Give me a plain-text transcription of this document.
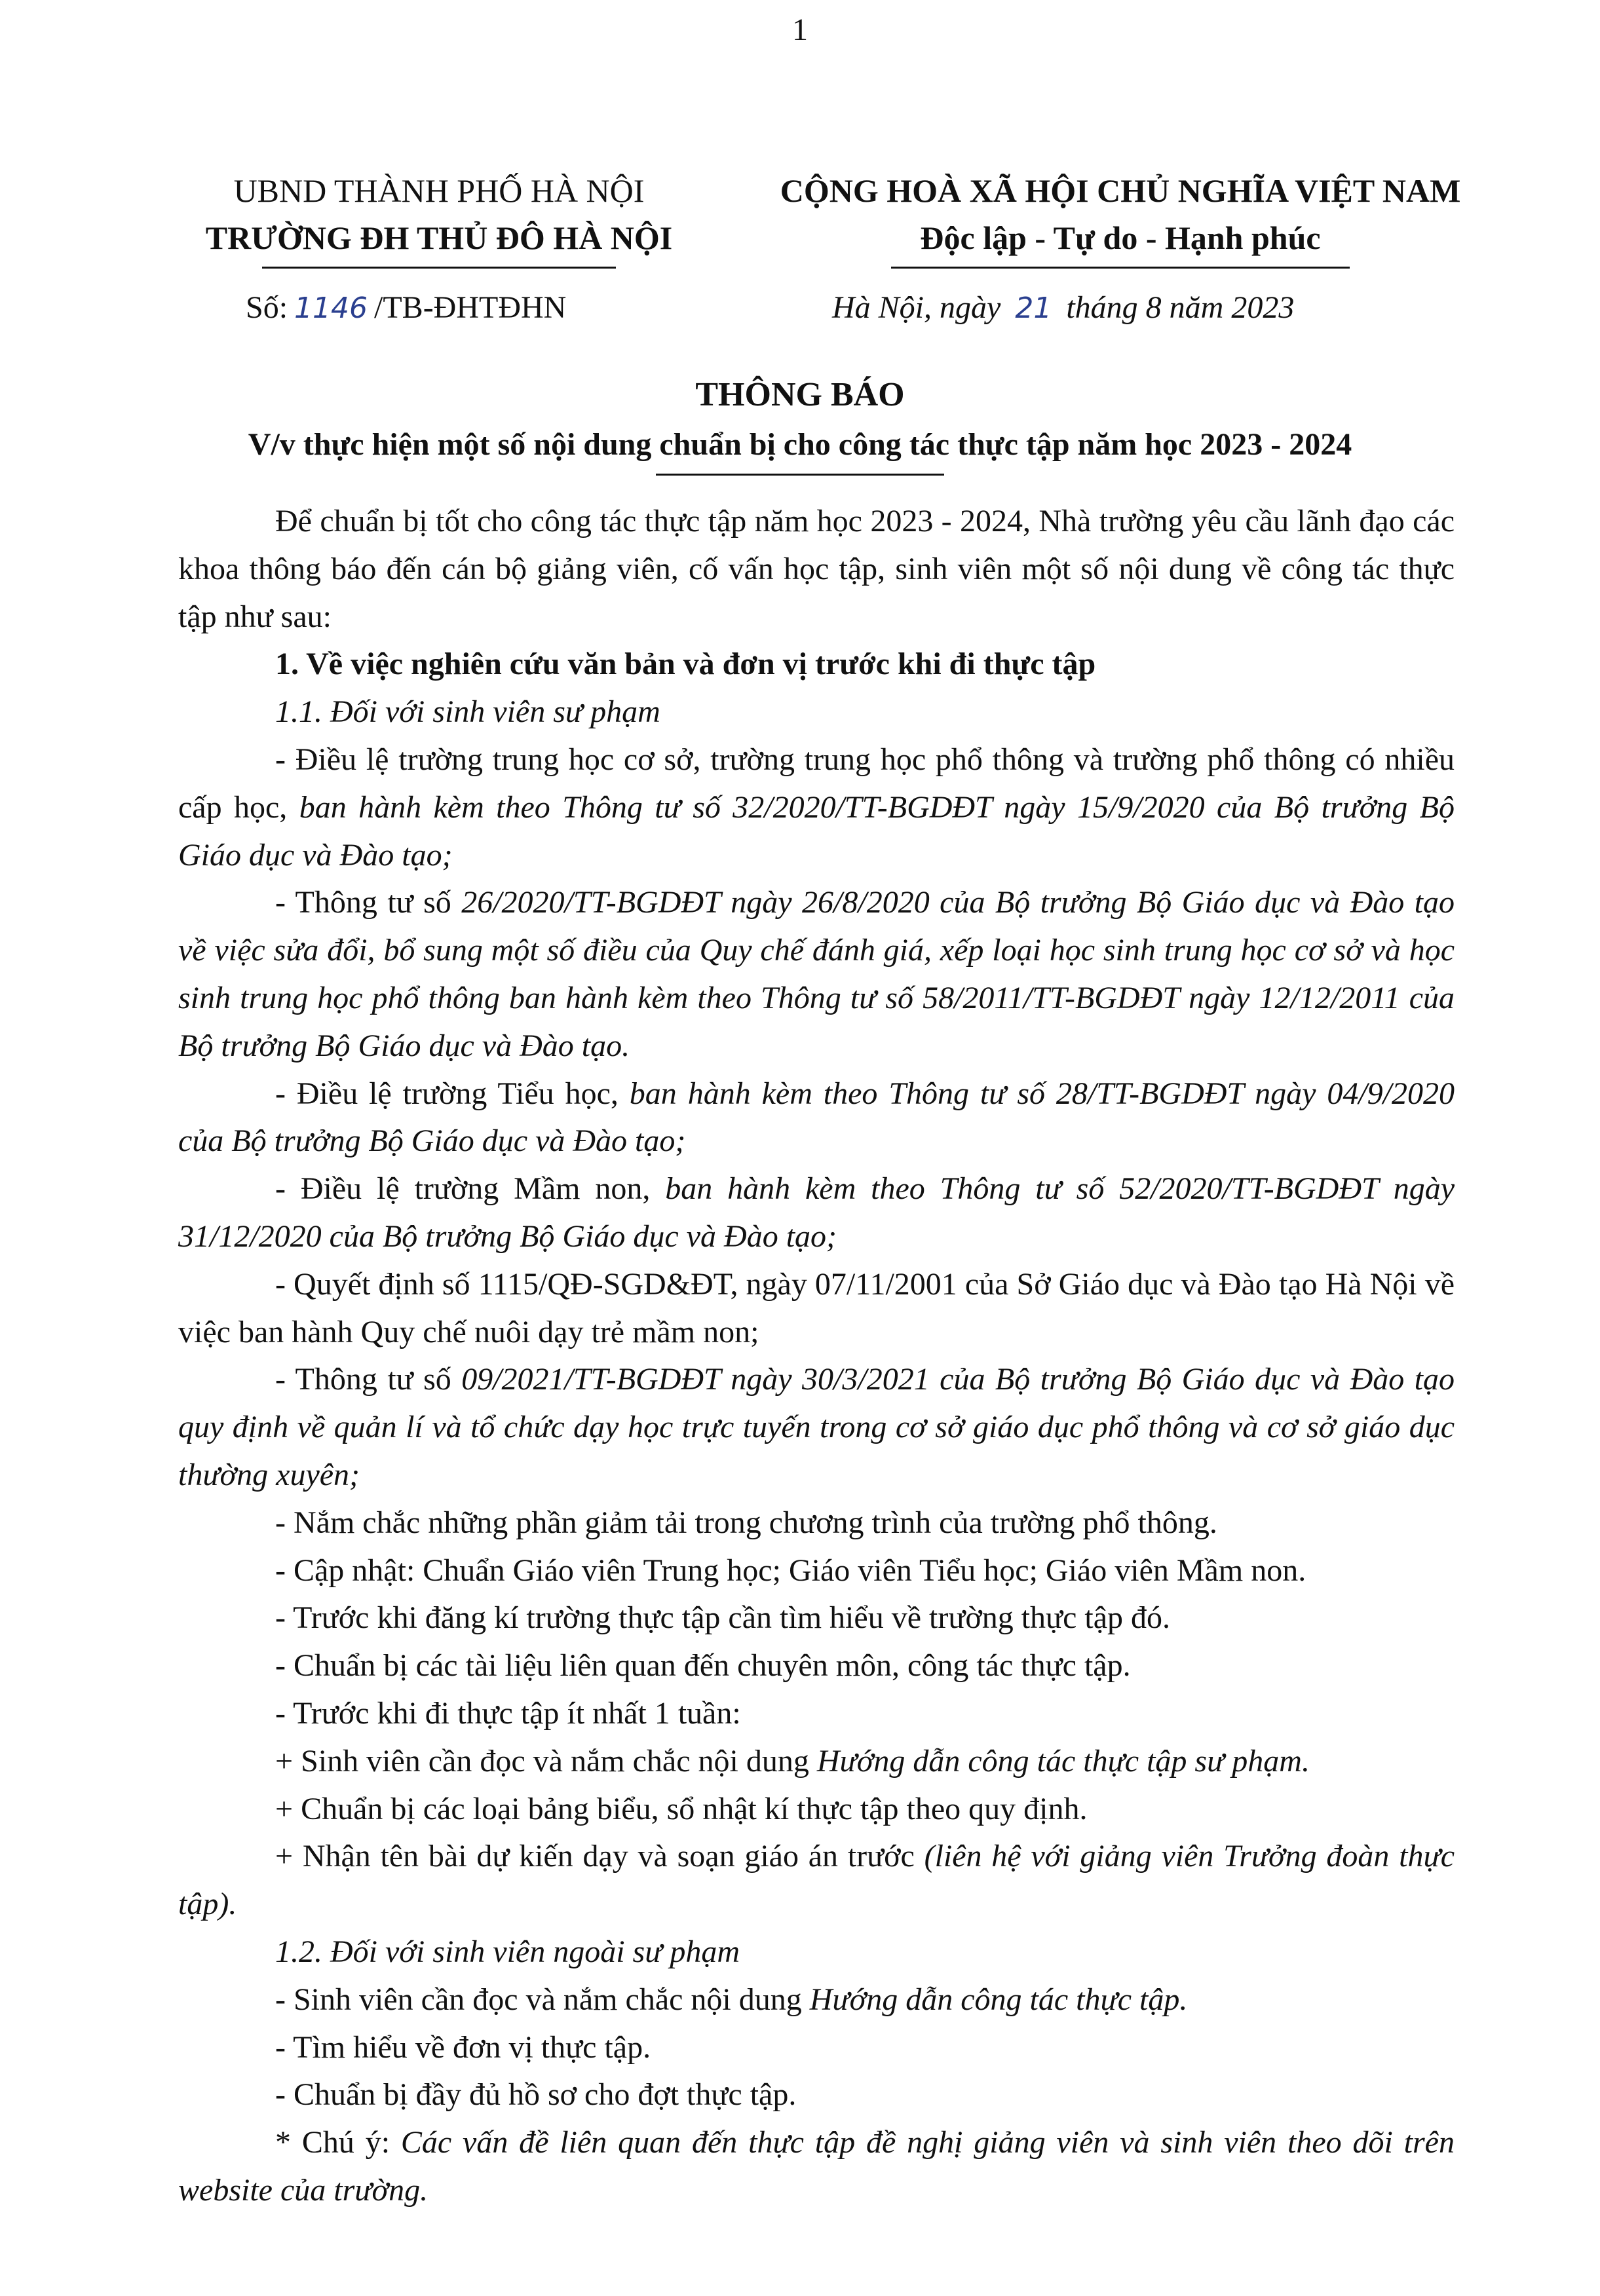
1
UBND THÀNH PHỐ HÀ NỘI
TRƯỜNG ĐH THỦ ĐÔ HÀ NỘI
CỘNG HOÀ XÃ HỘI CHỦ NGHĨA VIỆT NAM
Độc lập - Tự do - Hạnh phúc
Số: 1146 /TB-ĐHTĐHN	Hà Nội, ngày 21 tháng 8 năm 2023
THÔNG BÁO
V/v thực hiện một số nội dung chuẩn bị cho công tác thực tập năm học 2023 - 2024

Để chuẩn bị tốt cho công tác thực tập năm học 2023 - 2024, Nhà trường yêu cầu lãnh đạo các khoa thông báo đến cán bộ giảng viên, cố vấn học tập, sinh viên một số nội dung về công tác thực tập như sau:

1. Về việc nghiên cứu văn bản và đơn vị trước khi đi thực tập

1.1. Đối với sinh viên sư phạm

- Điều lệ trường trung học cơ sở, trường trung học phổ thông và trường phổ thông có nhiều cấp học, ban hành kèm theo Thông tư số 32/2020/TT-BGDĐT ngày 15/9/2020 của Bộ trưởng Bộ Giáo dục và Đào tạo;

- Thông tư số 26/2020/TT-BGDĐT ngày 26/8/2020 của Bộ trưởng Bộ Giáo dục và Đào tạo về việc sửa đổi, bổ sung một số điều của Quy chế đánh giá, xếp loại học sinh trung học cơ sở và học sinh trung học phổ thông ban hành kèm theo Thông tư số 58/2011/TT-BGDĐT ngày 12/12/2011 của Bộ trưởng Bộ Giáo dục và Đào tạo.

- Điều lệ trường Tiểu học, ban hành kèm theo Thông tư số 28/TT-BGDĐT ngày 04/9/2020 của Bộ trưởng Bộ Giáo dục và Đào tạo;

- Điều lệ trường Mầm non, ban hành kèm theo Thông tư số 52/2020/TT-BGDĐT ngày 31/12/2020 của Bộ trưởng Bộ Giáo dục và Đào tạo;

- Quyết định số 1115/QĐ-SGD&ĐT, ngày 07/11/2001 của Sở Giáo dục và Đào tạo Hà Nội về việc ban hành Quy chế nuôi dạy trẻ mầm non;

- Thông tư số 09/2021/TT-BGDĐT ngày 30/3/2021 của Bộ trưởng Bộ Giáo dục và Đào tạo quy định về quản lí và tổ chức dạy học trực tuyến trong cơ sở giáo dục phổ thông và cơ sở giáo dục thường xuyên;

- Nắm chắc những phần giảm tải trong chương trình của trường phổ thông.

- Cập nhật: Chuẩn Giáo viên Trung học; Giáo viên Tiểu học; Giáo viên Mầm non.

- Trước khi đăng kí trường thực tập cần tìm hiểu về trường thực tập đó.

- Chuẩn bị các tài liệu liên quan đến chuyên môn, công tác thực tập.

- Trước khi đi thực tập ít nhất 1 tuần:

+ Sinh viên cần đọc và nắm chắc nội dung Hướng dẫn công tác thực tập sư phạm.

+ Chuẩn bị các loại bảng biểu, sổ nhật kí thực tập theo quy định.

+ Nhận tên bài dự kiến dạy và soạn giáo án trước (liên hệ với giảng viên Trưởng đoàn thực tập).

1.2. Đối với sinh viên ngoài sư phạm

- Sinh viên cần đọc và nắm chắc nội dung Hướng dẫn công tác thực tập.

- Tìm hiểu về đơn vị thực tập.

- Chuẩn bị đầy đủ hồ sơ cho đợt thực tập.

* Chú ý: Các vấn đề liên quan đến thực tập đề nghị giảng viên và sinh viên theo dõi trên website của trường.
